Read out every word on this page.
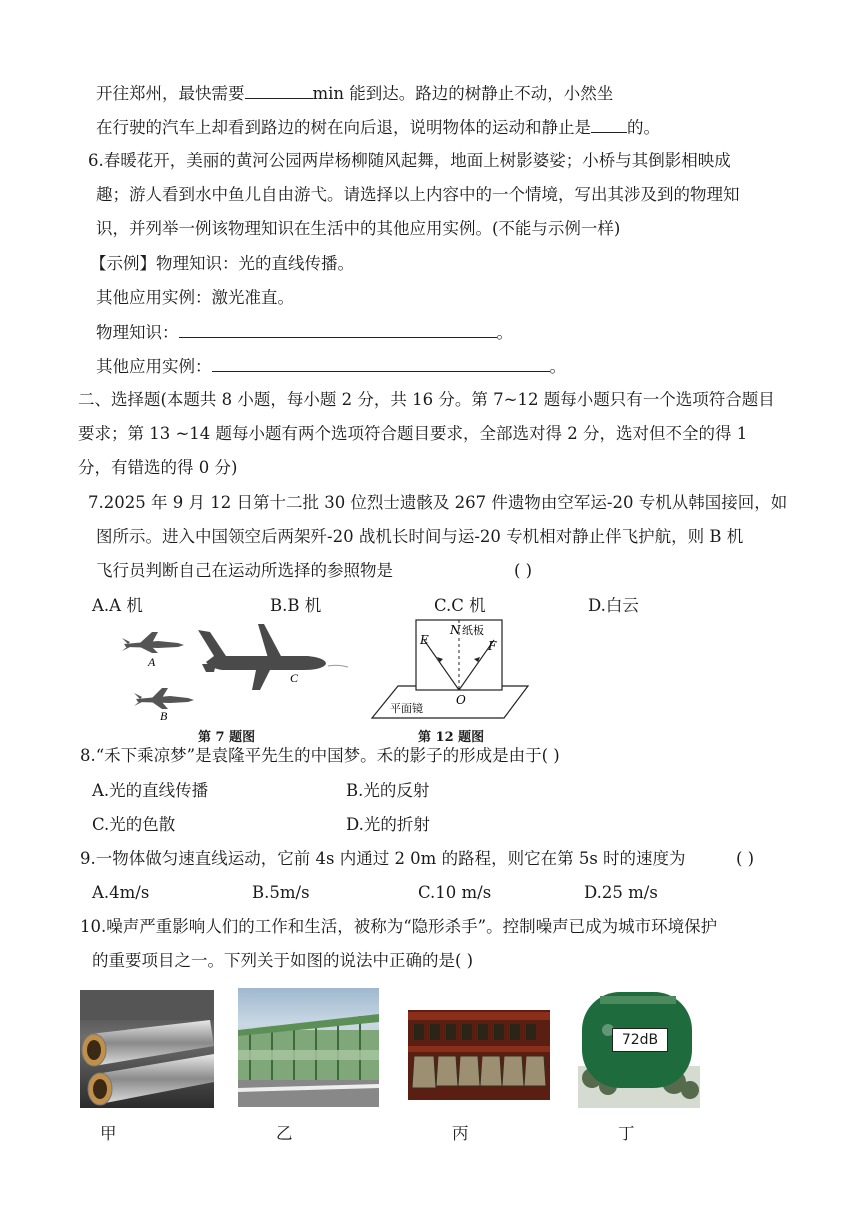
开往郑州，最快需要	min 能到达。路边的树静止不动，小然坐
在行驶的汽车上却看到路边的树在向后退，说明物体的运动和静止是 的。
6.春暖花开，美丽的黄河公园两岸杨柳随风起舞，地面上树影婆娑；小桥与其倒影相映成
趣；游人看到水中鱼儿自由游弋。请选择以上内容中的一个情境，写出其涉及到的物理知
识，并列举一例该物理知识在生活中的其他应用实例。(不能与示例一样)
【示例】物理知识：光的直线传播。
其他应用实例：激光准直。
物理知识：	。
其他应用实例：	。
二、选择题(本题共 8 小题，每小题 2 分，共 16 分。第 7~12 题每小题只有一个选项符合题目
要求；第 13 ~14 题每小题有两个选项符合题目要求，全部选对得 2 分，选对但不全的得 1
分，有错选的得 0 分)
7.2025 年 9 月 12 日第十二批 30 位烈士遗骸及 267 件遗物由空军运-20 专机从韩国接回，如
图所示。进入中国领空后两架歼-20 战机长时间与运-20 专机相对静止伴飞护航，则 B 机
飞行员判断自己在运动所选择的参照物是	( )
A.A 机	B.B 机	C.C 机	D.白云
A
B
C
第 7 题图
E
N 纸板
F
O
平面镜
第 12 题图
8.“禾下乘凉梦”是袁隆平先生的中国梦。禾的影子的形成是由于( )
A.光的直线传播	B.光的反射
C.光的色散	D.光的折射
9.一物体做匀速直线运动，它前 4s 内通过 2 0m 的路程，则它在第 5s 时的速度为	( )
A.4m/s	B.5m/s	C.10 m/s	D.25 m/s
10.噪声严重影响人们的工作和生活，被称为“隐形杀手”。控制噪声已成为城市环境保护
的重要项目之一。下列关于如图的说法中正确的是( )
甲	乙	丙
72dB
丁
